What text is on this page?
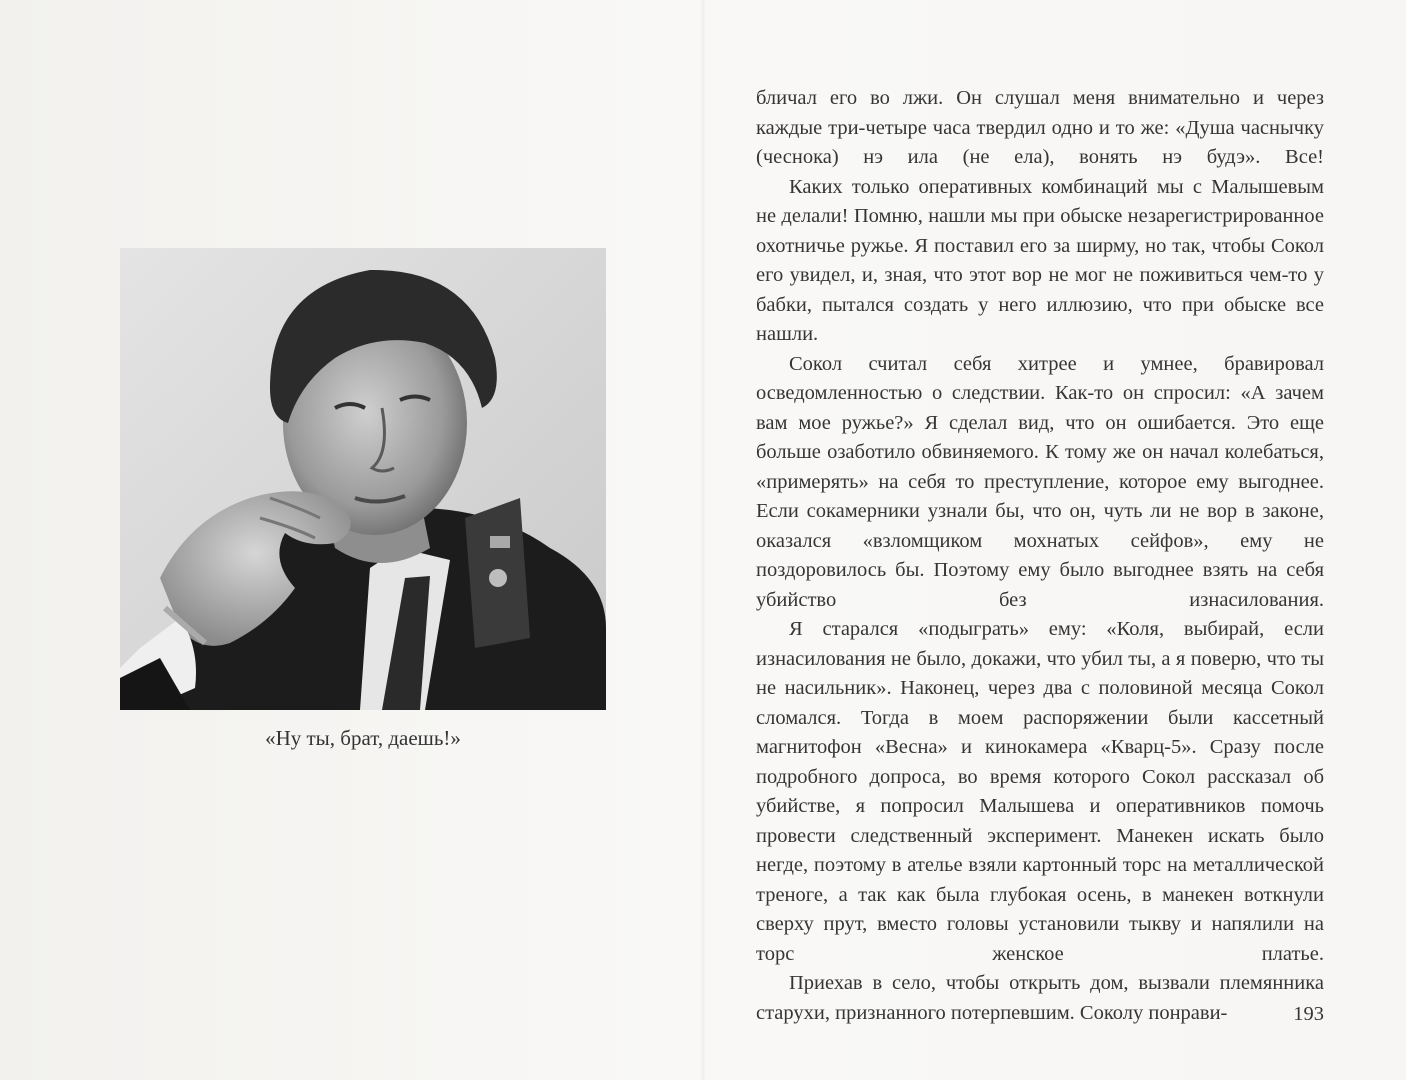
«Ну ты, брат, даешь!»

бличал его во лжи. Он слушал меня внимательно и через каждые три-четыре часа твердил одно и то же: «Душа часнычку (чеснока) нэ ила (не ела), вонять нэ будэ». Все!

Каких только оперативных комбинаций мы с Малышевым не делали! Помню, нашли мы при обыске незарегистрированное охотничье ружье. Я поставил его за ширму, но так, чтобы Сокол его увидел, и, зная, что этот вор не мог не поживиться чем-то у бабки, пытался создать у него иллюзию, что при обыске все нашли.

Сокол считал себя хитрее и умнее, бравировал осведомленностью о следствии. Как-то он спросил: «А зачем вам мое ружье?» Я сделал вид, что он ошибается. Это еще больше озаботило обвиняемого. К тому же он начал колебаться, «примерять» на себя то преступление, которое ему выгоднее. Если сокамерники узнали бы, что он, чуть ли не вор в законе, оказался «взломщиком мохнатых сейфов», ему не поздоровилось бы. Поэтому ему было выгоднее взять на себя убийство без изнасилования.

Я старался «подыграть» ему: «Коля, выбирай, если изнасилования не было, докажи, что убил ты, а я поверю, что ты не насильник». Наконец, через два с половиной месяца Сокол сломался. Тогда в моем распоряжении были кассетный магнитофон «Весна» и кинокамера «Кварц-5». Сразу после подробного допроса, во время которого Сокол рассказал об убийстве, я попросил Малышева и оперативников помочь провести следственный эксперимент. Манекен искать было негде, поэтому в ателье взяли картонный торс на металлической треноге, а так как была глубокая осень, в манекен воткнули сверху прут, вместо головы установили тыкву и напялили на торс женское платье.

Приехав в село, чтобы открыть дом, вызвали племянника старухи, признанного потерпевшим. Соколу понрави-	193
